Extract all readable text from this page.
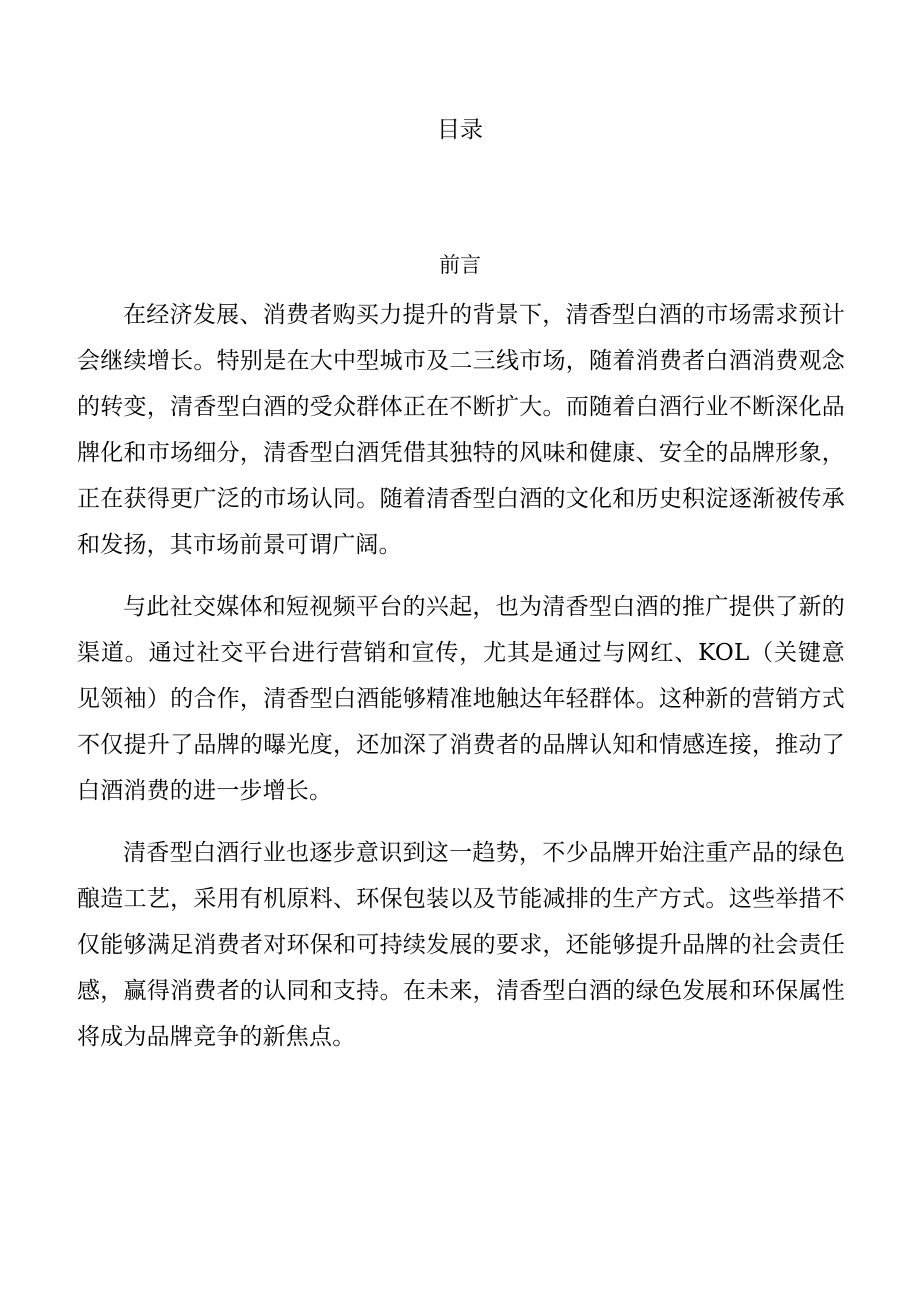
目录
前言

在经济发展、消费者购买力提升的背景下，清香型白酒的市场需求预计会继续增长。特别是在大中型城市及二三线市场，随着消费者白酒消费观念的转变，清香型白酒的受众群体正在不断扩大。而随着白酒行业不断深化品牌化和市场细分，清香型白酒凭借其独特的风味和健康、安全的品牌形象，正在获得更广泛的市场认同。随着清香型白酒的文化和历史积淀逐渐被传承和发扬，其市场前景可谓广阔。

与此社交媒体和短视频平台的兴起，也为清香型白酒的推广提供了新的渠道。通过社交平台进行营销和宣传，尤其是通过与网红、KOL（关键意见领袖）的合作，清香型白酒能够精准地触达年轻群体。这种新的营销方式不仅提升了品牌的曝光度，还加深了消费者的品牌认知和情感连接，推动了白酒消费的进一步增长。

清香型白酒行业也逐步意识到这一趋势，不少品牌开始注重产品的绿色酿造工艺，采用有机原料、环保包装以及节能减排的生产方式。这些举措不仅能够满足消费者对环保和可持续发展的要求，还能够提升品牌的社会责任感，赢得消费者的认同和支持。在未来，清香型白酒的绿色发展和环保属性将成为品牌竞争的新焦点。
